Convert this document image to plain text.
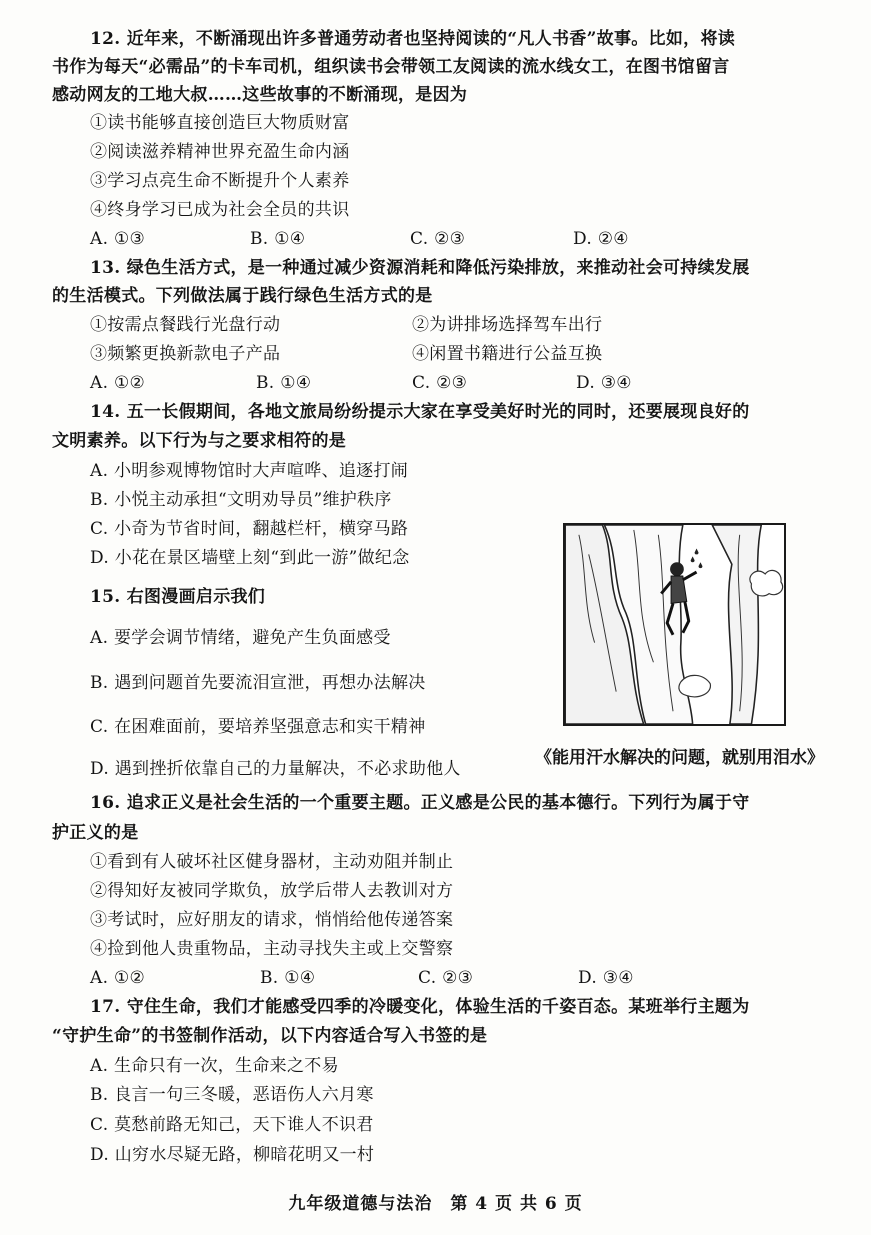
12. 近年来，不断涌现出许多普通劳动者也坚持阅读的“凡人书香”故事。比如，将读
书作为每天“必需品”的卡车司机，组织读书会带领工友阅读的流水线女工，在图书馆留言
感动网友的工地大叔……这些故事的不断涌现，是因为
①读书能够直接创造巨大物质财富
②阅读滋养精神世界充盈生命内涵
③学习点亮生命不断提升个人素养
④终身学习已成为社会全员的共识
A. ①③	B. ①④	C. ②③	D. ②④
13. 绿色生活方式，是一种通过减少资源消耗和降低污染排放，来推动社会可持续发展
的生活模式。下列做法属于践行绿色生活方式的是
①按需点餐践行光盘行动	②为讲排场选择驾车出行
③频繁更换新款电子产品	④闲置书籍进行公益互换
A. ①②	B. ①④	C. ②③	D. ③④
14. 五一长假期间，各地文旅局纷纷提示大家在享受美好时光的同时，还要展现良好的
文明素养。以下行为与之要求相符的是
A. 小明参观博物馆时大声喧哗、追逐打闹
B. 小悦主动承担“文明劝导员”维护秩序
C. 小奇为节省时间，翻越栏杆，横穿马路
D. 小花在景区墙壁上刻“到此一游”做纪念
15. 右图漫画启示我们
A. 要学会调节情绪，避免产生负面感受
B. 遇到问题首先要流泪宣泄，再想办法解决
C. 在困难面前，要培养坚强意志和实干精神
D. 遇到挫折依靠自己的力量解决，不必求助他人
《能用汗水解决的问题，就别用泪水》
16. 追求正义是社会生活的一个重要主题。正义感是公民的基本德行。下列行为属于守
护正义的是
①看到有人破坏社区健身器材，主动劝阻并制止
②得知好友被同学欺负，放学后带人去教训对方
③考试时，应好朋友的请求，悄悄给他传递答案
④捡到他人贵重物品，主动寻找失主或上交警察
A. ①②	B. ①④	C. ②③	D. ③④
17. 守住生命，我们才能感受四季的冷暖变化，体验生活的千姿百态。某班举行主题为
“守护生命”的书签制作活动，以下内容适合写入书签的是
A. 生命只有一次，生命来之不易
B. 良言一句三冬暖，恶语伤人六月寒
C. 莫愁前路无知己，天下谁人不识君
D. 山穷水尽疑无路，柳暗花明又一村
九年级道德与法治　第 4 页 共 6 页
